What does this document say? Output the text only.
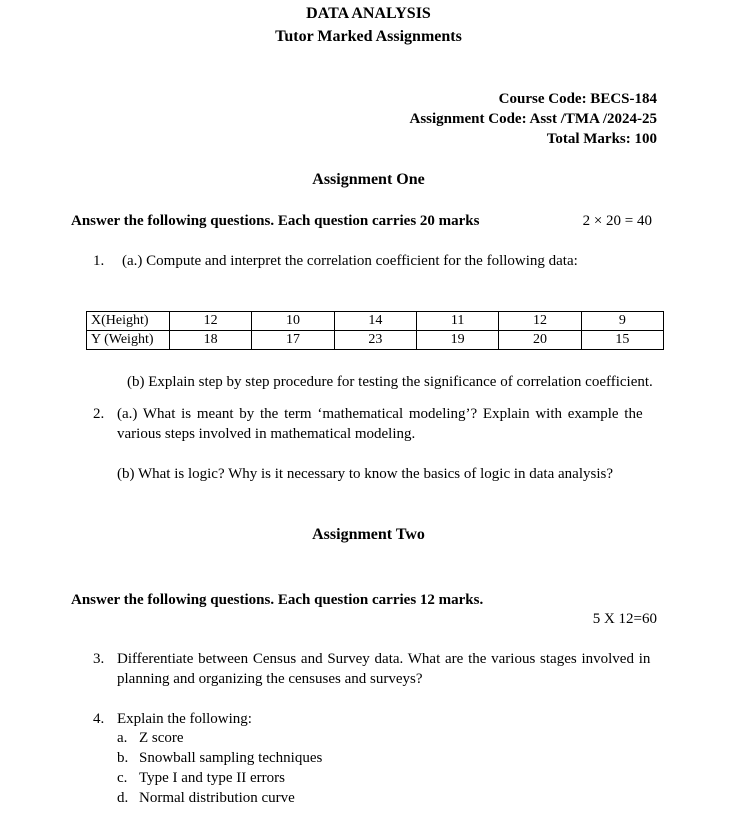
DATA ANALYSIS
Tutor Marked Assignments
Course Code: BECS-184
Assignment Code: Asst /TMA /2024-25
Total Marks: 100
Assignment One
Answer the following questions. Each question carries 20 marks	2 × 20 = 40
1. (a.) Compute and interpret the correlation coefficient for the following data:
X(Height)	12	10	14	11	12	9
Y (Weight)	18	17	23	19	20	15
(b) Explain step by step procedure for testing the significance of correlation coefficient.
2. (a.) What is meant by the term ‘mathematical modeling’? Explain with example the
various steps involved in mathematical modeling.
(b) What is logic? Why is it necessary to know the basics of logic in data analysis?
Assignment Two
Answer the following questions. Each question carries 12 marks.
5 X 12=60
3. Differentiate between Census and Survey data. What are the various stages involved in
planning and organizing the censuses and surveys?
4. Explain the following:
a. Z score
b. Snowball sampling techniques
c. Type I and type II errors
d. Normal distribution curve
